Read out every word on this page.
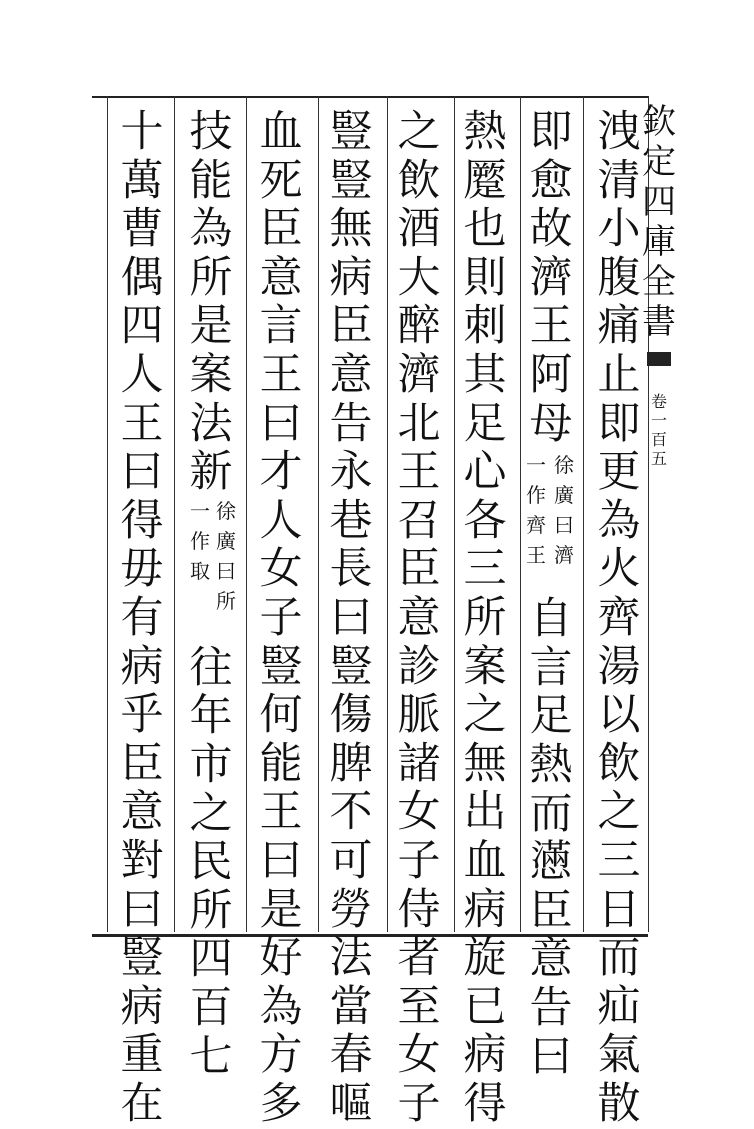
欽
定
四
庫
全
書
卷
一
百
五
洩
清
小
腹
痛
止
即
更
為
火
齊
湯
以
飲
之
三
日
而
疝
氣
散
即
愈
故
濟
王
阿
母
自
言
足
熱
而
懣
臣
意
告
曰
徐
廣
曰
濟
一
作
齊
王
熱
蹷
也
則
刺
其
足
心
各
三
所
案
之
無
出
血
病
旋
已
病
得
之
飲
酒
大
醉
濟
北
王
召
臣
意
診
脈
諸
女
子
侍
者
至
女
子
豎
豎
無
病
臣
意
告
永
巷
長
曰
豎
傷
脾
不
可
勞
法
當
春
嘔
血
死
臣
意
言
王
曰
才
人
女
子
豎
何
能
王
曰
是
好
為
方
多
技
能
為
所
是
案
法
新
往
年
市
之
民
所
四
百
七
徐
廣
曰
所
一
作
取
十
萬
曹
偶
四
人
王
曰
得
毋
有
病
乎
臣
意
對
曰
豎
病
重
在
